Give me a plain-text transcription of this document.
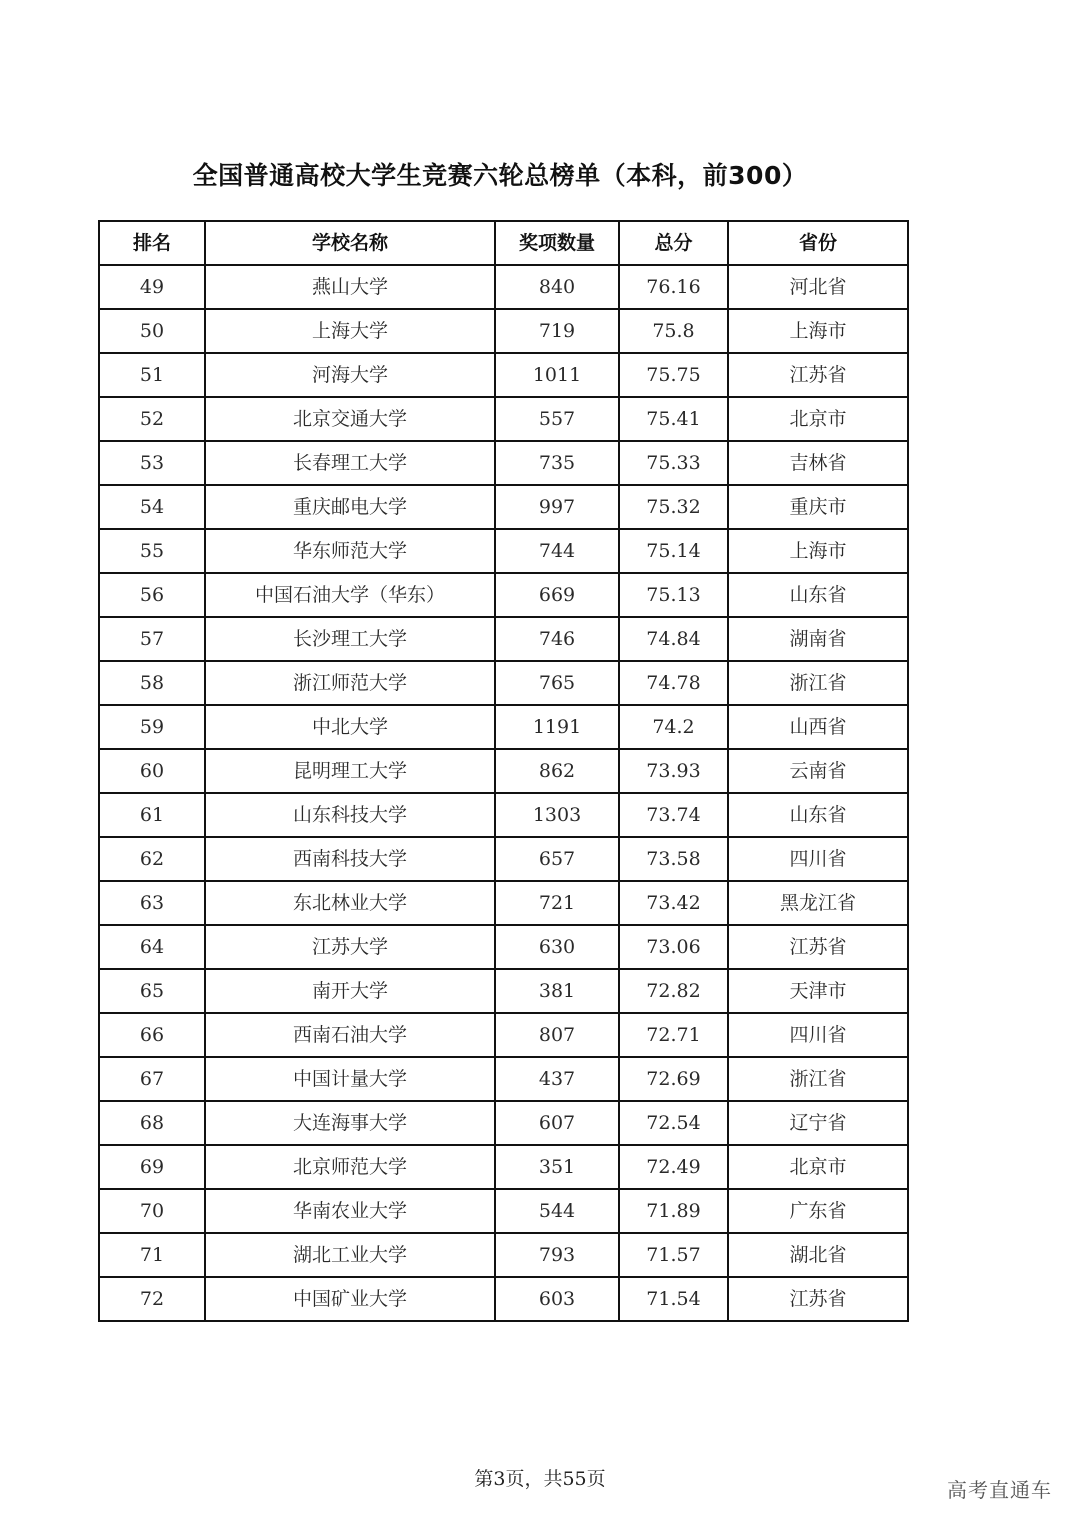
全国普通高校大学生竞赛六轮总榜单（本科，前300）
排名	学校名称	奖项数量	总分	省份
49	燕山大学	840	76.16	河北省
50	上海大学	719	75.8	上海市
51	河海大学	1011	75.75	江苏省
52	北京交通大学	557	75.41	北京市
53	长春理工大学	735	75.33	吉林省
54	重庆邮电大学	997	75.32	重庆市
55	华东师范大学	744	75.14	上海市
56	中国石油大学（华东）	669	75.13	山东省
57	长沙理工大学	746	74.84	湖南省
58	浙江师范大学	765	74.78	浙江省
59	中北大学	1191	74.2	山西省
60	昆明理工大学	862	73.93	云南省
61	山东科技大学	1303	73.74	山东省
62	西南科技大学	657	73.58	四川省
63	东北林业大学	721	73.42	黑龙江省
64	江苏大学	630	73.06	江苏省
65	南开大学	381	72.82	天津市
66	西南石油大学	807	72.71	四川省
67	中国计量大学	437	72.69	浙江省
68	大连海事大学	607	72.54	辽宁省
69	北京师范大学	351	72.49	北京市
70	华南农业大学	544	71.89	广东省
71	湖北工业大学	793	71.57	湖北省
72	中国矿业大学	603	71.54	江苏省
第3页，共55页	高考直通车
